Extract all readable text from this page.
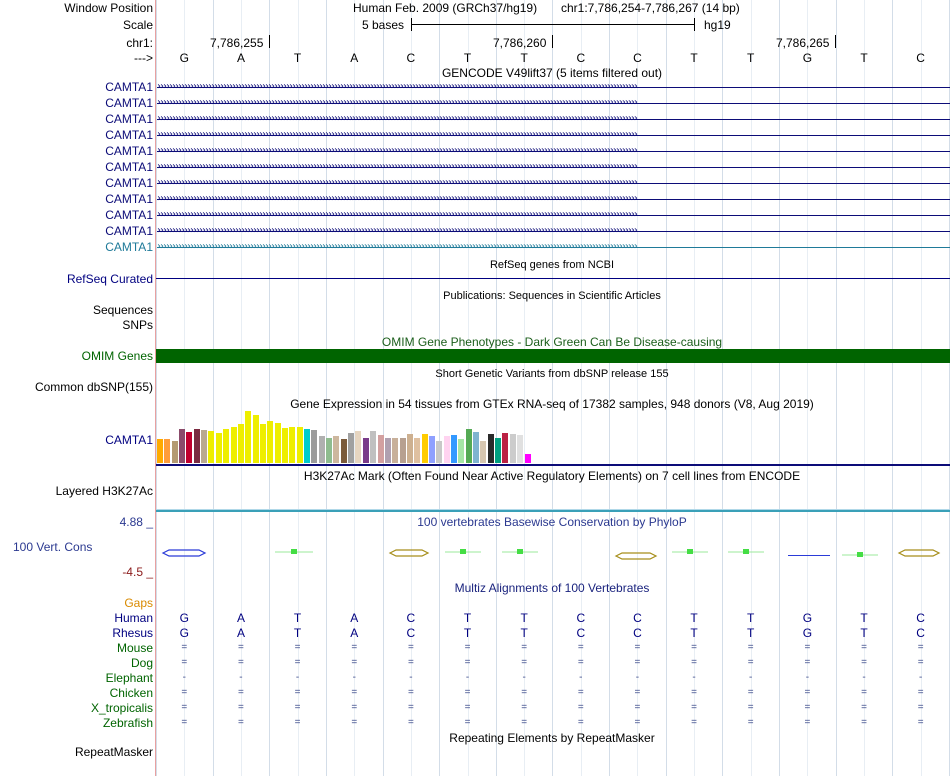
Window Position	Human Feb. 2009 (GRCh37/hg19) chr1:7,786,254-7,786,267 (14 bp)
Scale	5 bases	hg19
chr1:	7,786,255	7,786,260	7,786,265
--->
GENCODE V49lift37 (5 items filtered out)
RefSeq genes from NCBI
RefSeq Curated
Publications: Sequences in Scientific Articles
Sequences
SNPs
OMIM Gene Phenotypes - Dark Green Can Be Disease-causing
OMIM Genes
Short Genetic Variants from dbSNP release 155
Common dbSNP(155)
Gene Expression in 54 tissues from GTEx RNA-seq of 17382 samples, 948 donors (V8, Aug 2019)
CAMTA1
H3K27Ac Mark (Often Found Near Active Regulatory Elements) on 7 cell lines from ENCODE
Layered H3K27Ac
100 vertebrates Basewise Conservation by PhyloP
4.88 _
100 Vert. Cons
-4.5 _
Multiz Alignments of 100 Vertebrates
Gaps
Human G	A	T	A	C	T	T	C	C	T	T	G	T	C
Rhesus G	A	T	A	C	T	T	C	C	T	T	G	T	C
Mouse	=	=	=	=	=	=	=	=	=	=	=	=	=	=
Dog	=	=	=	=	=	=	=	=	=	=	=	=	=	=
Elephant	-	-	-	-	-	-	-	-	-	-	-	-	-	-
Chicken	=	=	=	=	=	=	=	=	=	=	=	=	=	=
X_tropicalis	=	=	=	=	=	=	=	=	=	=	=	=	=	=
Zebrafish	=	=	=	=	=	=	=	=	=	=	=	=	=	=
Repeating Elements by RepeatMasker
RepeatMasker
G	A	T	A	C	T	T	C	C	T	T	G	T	C
CAMTA1 ››››››››››››››››››››››››››››››››››››››››››››››››››››››››››››››››››››››››››››››››››››››››››››››››››››››››››››››››››››››››››››››››››››››››››››››››››››››››››››››››
CAMTA1 ››››››››››››››››››››››››››››››››››››››››››››››››››››››››››››››››››››››››››››››››››››››››››››››››››››››››››››››››››››››››››››››››››››››››››››››››››››››››››››››››
CAMTA1 ››››››››››››››››››››››››››››››››››››››››››››››››››››››››››››››››››››››››››››››››››››››››››››››››››››››››››››››››››››››››››››››››››››››››››››››››››››››››››››››››
CAMTA1 ››››››››››››››››››››››››››››››››››››››››››››››››››››››››››››››››››››››››››››››››››››››››››››››››››››››››››››››››››››››››››››››››››››››››››››››››››››››››››››››››
CAMTA1 ››››››››››››››››››››››››››››››››››››››››››››››››››››››››››››››››››››››››››››››››››››››››››››››››››››››››››››››››››››››››››››››››››››››››››››››››››››››››››››››››
CAMTA1 ››››››››››››››››››››››››››››››››››››››››››››››››››››››››››››››››››››››››››››››››››››››››››››››››››››››››››››››››››››››››››››››››››››››››››››››››››››››››››››››››
CAMTA1 ››››››››››››››››››››››››››››››››››››››››››››››››››››››››››››››››››››››››››››››››››››››››››››››››››››››››››››››››››››››››››››››››››››››››››››››››››››››››››››››››
CAMTA1 ››››››››››››››››››››››››››››››››››››››››››››››››››››››››››››››››››››››››››››››››››››››››››››››››››››››››››››››››››››››››››››››››››››››››››››››››››››››››››››››››
CAMTA1 ››››››››››››››››››››››››››››››››››››››››››››››››››››››››››››››››››››››››››››››››››››››››››››››››››››››››››››››››››››››››››››››››››››››››››››››››››››››››››››››››
CAMTA1 ››››››››››››››››››››››››››››››››››››››››››››››››››››››››››››››››››››››››››››››››››››››››››››››››››››››››››››››››››››››››››››››››››››››››››››››››››››››››››››››››
CAMTA1 ››››››››››››››››››››››››››››››››››››››››››››››››››››››››››››››››››››››››››››››››››››››››››››››››››››››››››››››››››››››››››››››››››››››››››››››››››››››››››››››››
